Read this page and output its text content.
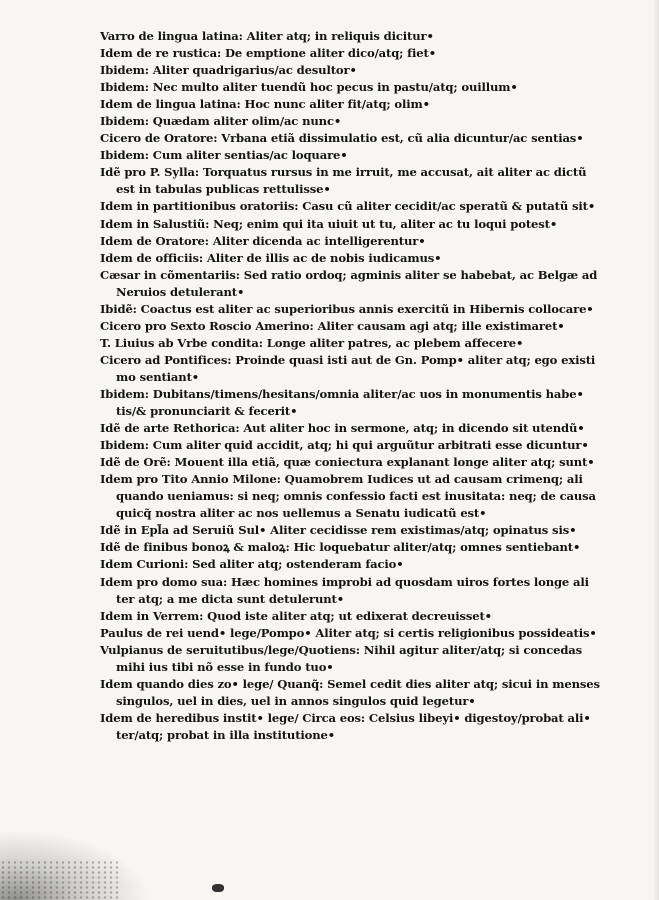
Varro de lingua latina: Aliter atq; in reliquis dicitur•
Idem de re rustica: De emptione aliter dico/atq; fiet•
Ibidem: Aliter quadrigarius/ac desultor•
Ibidem: Nec multo aliter tuendũ hoc pecus in pastu/atq; ouillum•
Idem de lingua latina: Hoc nunc aliter fit/atq; olim•
Ibidem: Quædam aliter olim/ac nunc•
Cicero de Oratore: Vrbana etiã dissimulatio est, cũ alia dicuntur/ac sentias•
Ibidem: Cum aliter sentias/ac loquare•
Idẽ pro P. Sylla: Torquatus rursus in me irruit, me accusat, ait aliter ac dictũ
est in tabulas publicas rettulisse•
Idem in partitionibus oratoriis: Casu cũ aliter cecidit/ac speratũ & putatũ sit•
Idem in Salustiũ: Neq; enim qui ita uiuit ut tu, aliter ac tu loqui potest•
Idem de Oratore: Aliter dicenda ac intelligerentur•
Idem de officiis: Aliter de illis ac de nobis iudicamus•
Cæsar in cõmentariis: Sed ratio ordoq; agminis aliter se habebat, ac Belgæ ad
Neruios detulerant•
Ibidẽ: Coactus est aliter ac superioribus annis exercitũ in Hibernis collocare•
Cicero pro Sexto Roscio Amerino: Aliter causam agi atq; ille existimaret•
T. Liuius ab Vrbe condita: Longe aliter patres, ac plebem affecere•
Cicero ad Pontifices: Proinde quasi isti aut de Gn. Pomp• aliter atq; ego existi
mo sentiant•
Ibidem: Dubitans/timens/hesitans/omnia aliter/ac uos in monumentis habe•
tis/& pronunciarit & fecerit•
Idẽ de arte Rethorica: Aut aliter hoc in sermone, atq; in dicendo sit utendũ•
Ibidem: Cum aliter quid accidit, atq; hi qui arguũtur arbitrati esse dicuntur•
Idẽ de Orẽ: Mouent illa etiã, quæ coniectura explanant longe aliter atq; sunt•
Idem pro Tito Annio Milone: Quamobrem Iudices ut ad causam crimenq; ali
quando ueniamus: si neq; omnis confessio facti est inusitata: neq; de causa
quicq̃ nostra aliter ac nos uellemus a Senatu iudicatũ est•
Idẽ in Epl̃a ad Seruiũ Sul• Aliter cecidisse rem existimas/atq; opinatus sis•
Idẽ de finibus bonoꝝ & maloꝝ: Hic loquebatur aliter/atq; omnes sentiebant•
Idem Curioni: Sed aliter atq; ostenderam facio•
Idem pro domo sua: Hæc homines improbi ad quosdam uiros fortes longe ali
ter atq; a me dicta sunt detulerunt•
Idem in Verrem: Quod iste aliter atq; ut edixerat decreuisset•
Paulus de rei uend• lege/Pompo• Aliter atq; si certis religionibus possideatis•
Vulpianus de seruitutibus/lege/Quotiens: Nihil agitur aliter/atq; si concedas
mihi ius tibi nõ esse in fundo tuo•
Idem quando dies zo• lege/ Quanq̃: Semel cedit dies aliter atq; sicui in menses
singulos, uel in dies, uel in annos singulos quid legetur•
Idem de heredibus instit• lege/ Circa eos: Celsius libeyi• digestoy/probat ali•
ter/atq; probat in illa institutione•
